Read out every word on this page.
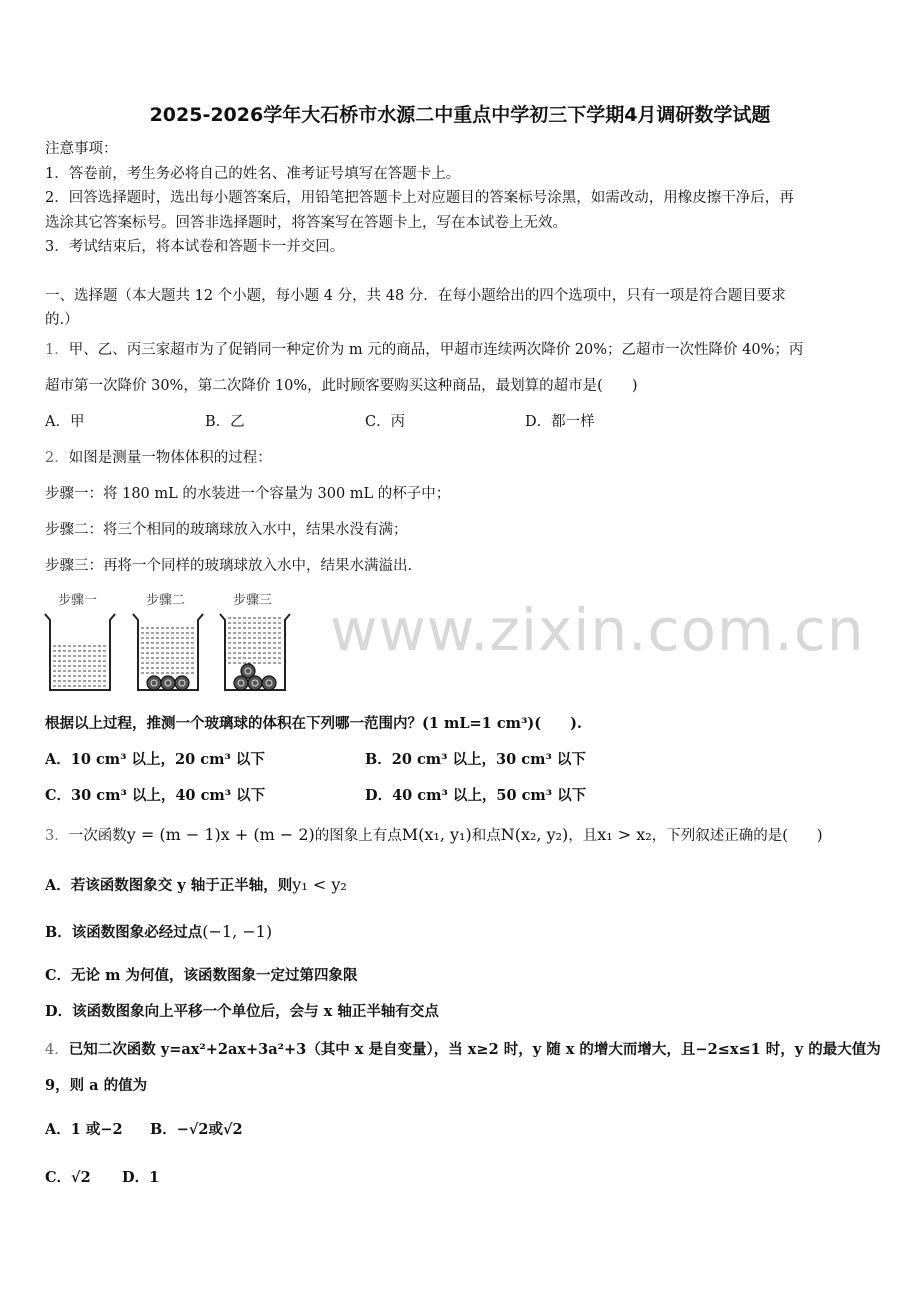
2025-2026学年大石桥市水源二中重点中学初三下学期4月调研数学试题
注意事项：
1．答卷前，考生务必将自己的姓名、准考证号填写在答题卡上。
2．回答选择题时，选出每小题答案后，用铅笔把答题卡上对应题目的答案标号涂黑，如需改动，用橡皮擦干净后，再
选涂其它答案标号。回答非选择题时，将答案写在答题卡上，写在本试卷上无效。
3．考试结束后，将本试卷和答题卡一并交回。
一、选择题（本大题共 12 个小题，每小题 4 分，共 48 分．在每小题给出的四个选项中，只有一项是符合题目要求
的.）
1．甲、乙、丙三家超市为了促销同一种定价为 m 元的商品，甲超市连续两次降价 20%；乙超市一次性降价 40%；丙
超市第一次降价 30%，第二次降价 10%，此时顾客要购买这种商品，最划算的超市是(　　)
A．甲	B．乙	C．丙	D．都一样
2．如图是测量一物体体积的过程：
步骤一：将 180 mL 的水装进一个容量为 300 mL 的杯子中；
步骤二：将三个相同的玻璃球放入水中，结果水没有满；
步骤三：再将一个同样的玻璃球放入水中，结果水满溢出.
步骤一	步骤二	步骤三 www.zixin.com.cn
根据以上过程，推测一个玻璃球的体积在下列哪一范围内？(1 mL=1 cm³)(　　).
A．10 cm³ 以上，20 cm³ 以下	B．20 cm³ 以上，30 cm³ 以下
C．30 cm³ 以上，40 cm³ 以下	D．40 cm³ 以上，50 cm³ 以下
3．一次函数y = (m − 1)x + (m − 2)的图象上有点M(x₁, y₁)和点N(x₂, y₂)，且x₁ > x₂，下列叙述正确的是(　　)
A．若该函数图象交 y 轴于正半轴，则y₁ < y₂
B．该函数图象必经过点(−1, −1)
C．无论 m 为何值，该函数图象一定过第四象限
D．该函数图象向上平移一个单位后，会与 x 轴正半轴有交点
4．已知二次函数 y=ax²+2ax+3a²+3（其中 x 是自变量），当 x≥2 时，y 随 x 的增大而增大，且−2≤x≤1 时，y 的最大值为
9，则 a 的值为
A．1 或−2 B．−√2或√2
C．√2 D．1
